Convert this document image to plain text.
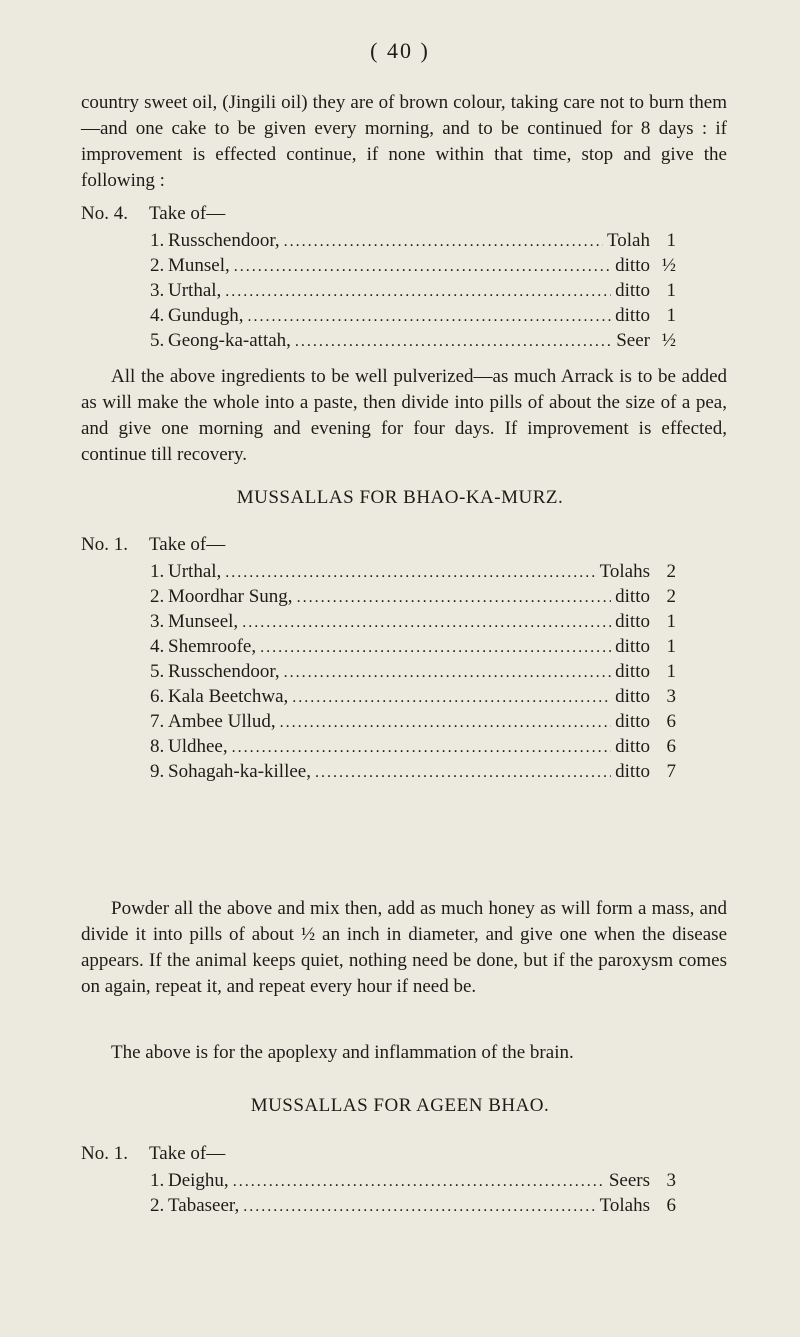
( 40 )

country sweet oil, (Jingili oil) they are of brown colour, taking care not to burn them—and one cake to be given every morning, and to be continued for 8 days : if improvement is effected continue, if none within that time, stop and give the following :

No. 4. Take of—
1. Russchendoor, .....	Tolah 1
2. Munsel, .....	ditto ½
3. Urthal, .....	ditto 1
4. Gundugh, .....	ditto 1
5. Geong-ka-attah, .....	Seer ½

All the above ingredients to be well pulverized—as much Arrack is to be added as will make the whole into a paste, then divide into pills of about the size of a pea, and give one morning and evening for four days. If improvement is effected, continue till recovery.

MUSSALLAS FOR BHAO-KA-MURZ.
No. 1. Take of—
1. Urthal, .....	Tolahs 2
2. Moordhar Sung, .....	ditto 2
3. Munseel, .....	ditto 1
4. Shemroofe, .....	ditto 1
5. Russchendoor, .....	ditto 1
6. Kala Beetchwa, .....	ditto 3
7. Ambee Ullud, .....	ditto 6
8. Uldhee, .....	ditto 6
9. Sohagah-ka-killee, .....	ditto 7

Powder all the above and mix then, add as much honey as will form a mass, and divide it into pills of about ½ an inch in diameter, and give one when the disease appears. If the animal keeps quiet, nothing need be done, but if the paroxysm comes on again, repeat it, and repeat every hour if need be.

The above is for the apoplexy and inflammation of the brain.

MUSSALLAS FOR AGEEN BHAO.
No. 1. Take of—
1. Deighu, .....	Seers 3
2. Tabaseer, .....	Tolahs 6
